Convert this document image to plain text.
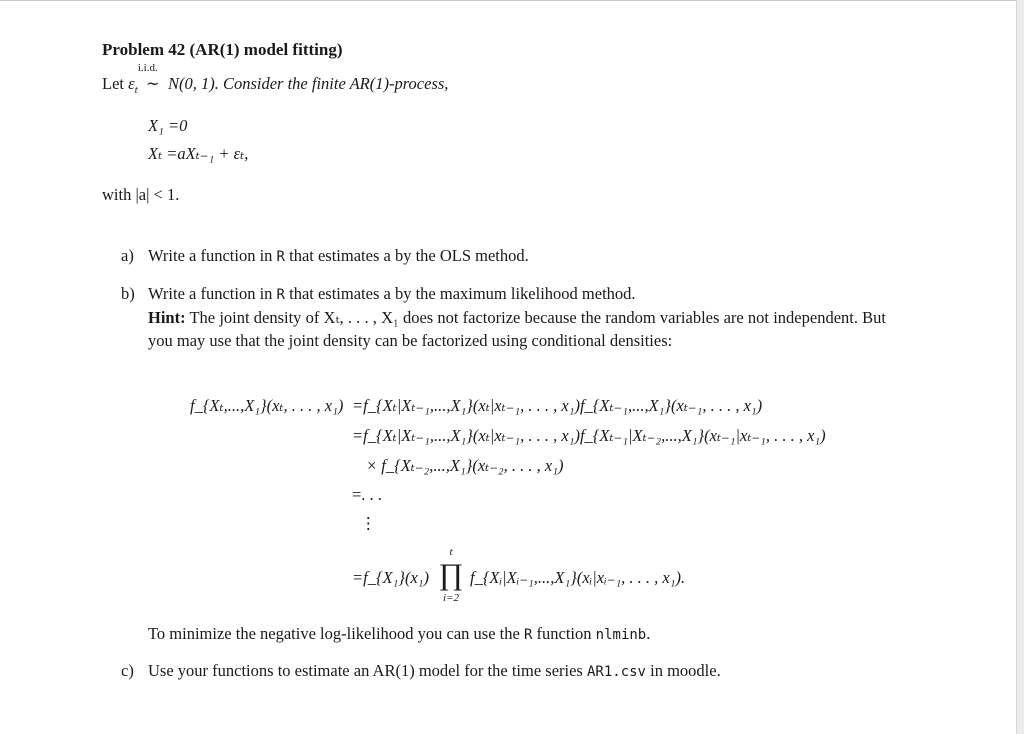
Problem 42 (AR(1) model fitting)
Let $\varepsilon_t$
i.i.d.
∼ N(0, 1). Consider the finite AR(1)-process,
X₁ =0
Xₜ =aXₜ₋₁ + εₜ,
with |a| < 1.
a) Write a function in R that estimates a by the OLS method.
b) Write a function in R that estimates a by the maximum likelihood method.
Hint: The joint density of Xₜ, . . . , X₁ does not factorize because the random variables are not independent. But you may use that the joint density can be factorized using conditional densities:
f_{Xₜ,...,X₁}(xₜ, . . . , x₁) =f_{Xₜ|Xₜ₋₁,...,X₁}(xₜ|xₜ₋₁, . . . , x₁)f_{Xₜ₋₁,...,X₁}(xₜ₋₁, . . . , x₁)
=f_{Xₜ|Xₜ₋₁,...,X₁}(xₜ|xₜ₋₁, . . . , x₁)f_{Xₜ₋₁|Xₜ₋₂,...,X₁}(xₜ₋₁|xₜ₋₁, . . . , x₁)
× f_{Xₜ₋₂,...,X₁}(xₜ₋₂, . . . , x₁)
=. . .
⋮
=f_{X₁}(x₁)
t
∏
i=2
f_{Xᵢ|Xᵢ₋₁,...,X₁}(xᵢ|xᵢ₋₁, . . . , x₁).
To minimize the negative log-likelihood you can use the R function nlminb.
c) Use your functions to estimate an AR(1) model for the time series AR1.csv in moodle.
